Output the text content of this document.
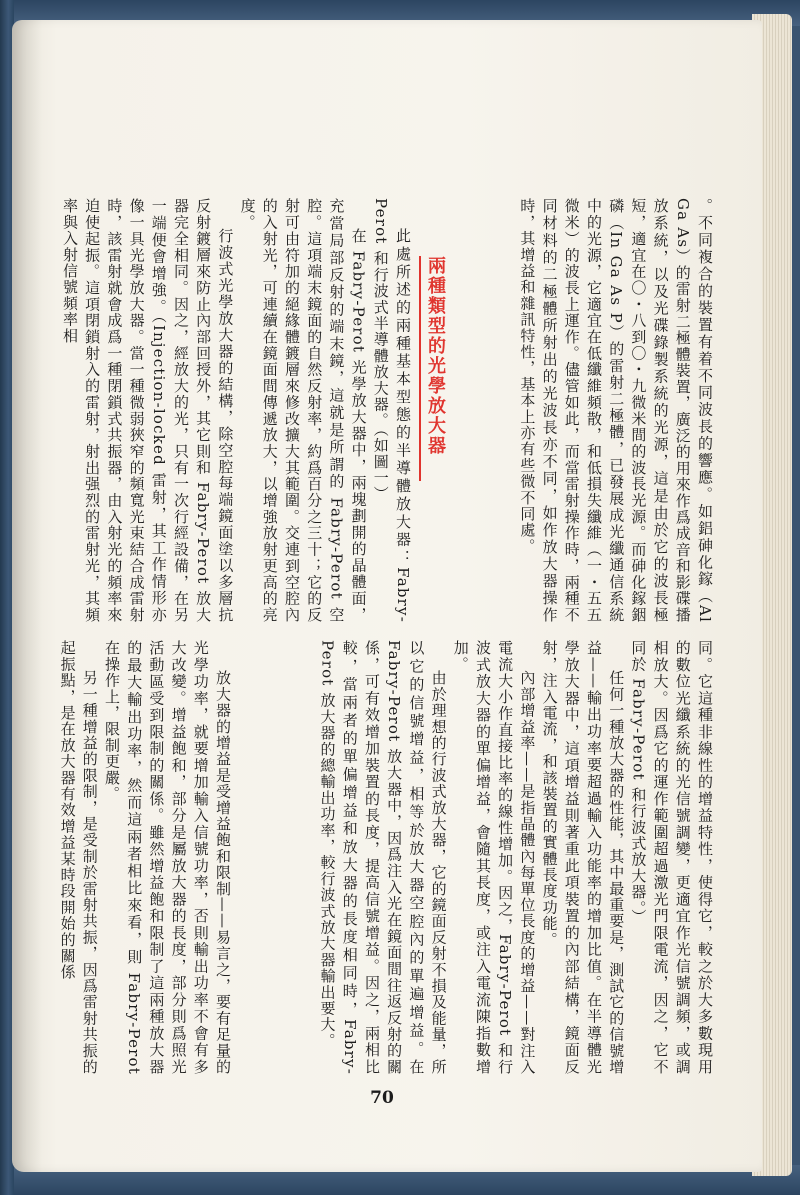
。不同複合的裝置有着不同波長的響應。如鋁砷化鎵（Al Ga As）的雷射二極體裝置，廣泛的用來作爲成音和影碟播放系統，以及光碟錄製系統的光源，這是由於它的波長極短，適宜在〇・八到〇・九微米間的波長光源。而砷化鎵銦磷（In Ga As P）的雷射二極體，已發展成光纖通信系統中的光源，它適宜在低纖維頻散，和低損失纖維（一・五五微米）的波長上運作。儘管如此，而當雷射操作時，兩種不同材料的二極體所射出的光波長亦不同，如作放大器操作時，其增益和雜訊特性，基本上亦有些微不同處。

兩種類型的光學放大器

此處所述的兩種基本型態的半導體放大器：Fabry-Perot 和行波式半導體放大器。（如圖一）

在 Fabry-Perot 光學放大器中，兩塊劃開的晶體面，充當局部反射的端末鏡，這就是所謂的 Fabry-Perot 空腔。這項端末鏡面的自然反射率，約爲百分之三十；它的反射可由符加的絕緣體鍍層來修改擴大其範圍。交連到空腔內的入射光，可連續在鏡面間傳遞放大，以增強放射更高的亮度。

行波式光學放大器的結構，除空腔每端鏡面塗以多層抗反射鍍層來防止內部回授外，其它則和 Fabry-Perot 放大器完全相同。因之，經放大的光，只有一次行經設備，在另一端便會增強。（Injection-locked 雷射，其工作情形亦像一具光學放大器。當一種微弱狹窄的頻寬光束結合成雷射時，該雷射就會成爲一種閉鎖式共振器，由入射光的頻率來迫使起振。這項閉鎖射入的雷射，射出强烈的雷射光，其頻率與入射信號頻率相

同。它這種非線性的增益特性，使得它，較之於大多數現用的數位光纖系統的光信號調變，更適宜作光信號調頻，或調相放大。因爲它的運作範圍超過激光門限電流，因之，它不同於 Fabry-Perot 和行波式放大器。）

任何一種放大器的性能，其中最重要是，測試它的信號增益——輸出功率要超過輸入功能率的增加比值。在半導體光學放大器中，這項增益則著重此項裝置的內部結構，鏡面反射，注入電流，和該裝置的實體長度功能。

內部增益率——是指晶體內每單位長度的增益——對注入電流大小作直接比率的線性增加。因之，Fabry-Perot 和行波式放大器的單偏增益，會隨其長度，或注入電流陳指數增加。

由於理想的行波式放大器，它的鏡面反射不損及能量，所以它的信號增益，相等於放大器空腔內的單遍增益。在 Fabry-Perot 放大器中，因爲注入光在鏡面間往返反射的關係，可有效增加裝置的長度，提高信號增益。因之，兩相比較，當兩者的單偏增益和放大器的長度相同時，Fabry-Perot 放大器的總輸出功率，較行波式放大器輸出要大。

放大器的增益是受增益飽和限制——易言之，要有足量的光學功率，就要增加輸入信號功率，否則輸出功率不會有多大改變。增益飽和，部分是屬放大器的長度，部分則爲照光活動區受到限制的關係。雖然增益飽和限制了這兩種放大器的最大輸出功率，然而這兩者相比來看，則 Fabry-Perot 在操作上，限制更嚴。

另一種增益的限制，是受制於雷射共振，因爲雷射共振的起振點，是在放大器有效增益某時段開始的關係

70
